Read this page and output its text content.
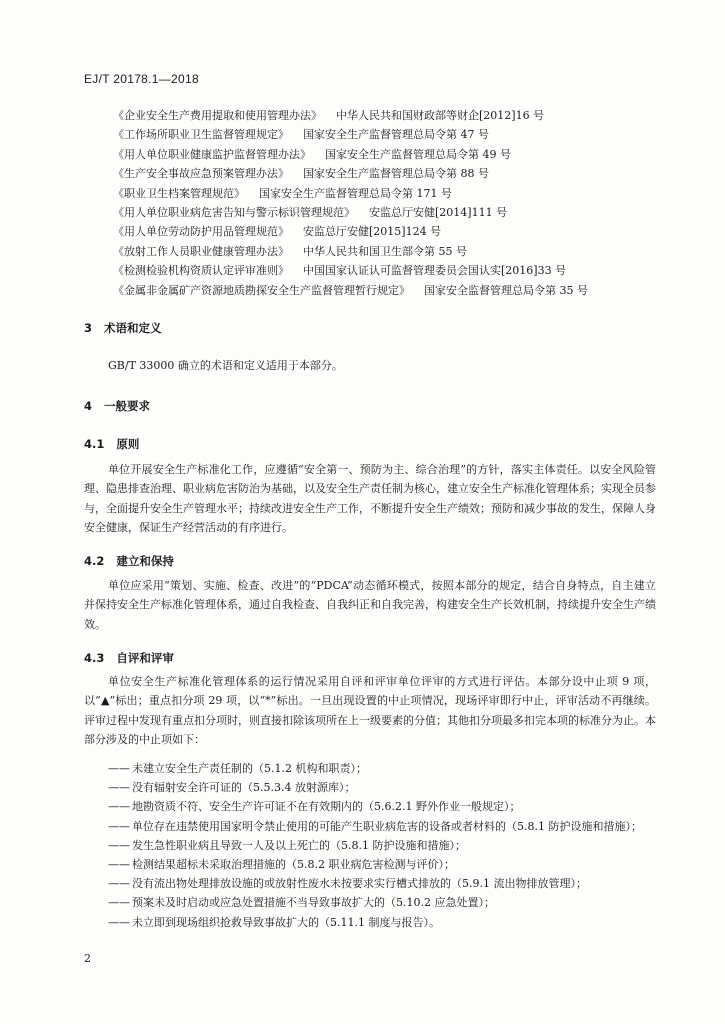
EJ/T 20178.1—2018
《企业安全生产费用提取和使用管理办法》 中华人民共和国财政部等财企[2012]16 号
《工作场所职业卫生监督管理规定》 国家安全生产监督管理总局令第 47 号
《用人单位职业健康监护监督管理办法》 国家安全生产监督管理总局令第 49 号
《生产安全事故应急预案管理办法》 国家安全生产监督管理总局令第 88 号
《职业卫生档案管理规范》 国家安全生产监督管理总局令第 171 号
《用人单位职业病危害告知与警示标识管理规范》 安监总厅安健[2014]111 号
《用人单位劳动防护用品管理规范》 安监总厅安健[2015]124 号
《放射工作人员职业健康管理办法》 中华人民共和国卫生部令第 55 号
《检测检验机构资质认定评审准则》 中国国家认证认可监督管理委员会国认实[2016]33 号
《金属非金属矿产资源地质勘探安全生产监督管理暂行规定》 国家安全监督管理总局令第 35 号
3 术语和定义
GB/T 33000 确立的术语和定义适用于本部分。
4 一般要求
4.1 原则

单位开展安全生产标准化工作，应遵循“安全第一、预防为主、综合治理”的方针，落实主体责任。以安全风险管理、隐患排查治理、职业病危害防治为基础，以及安全生产责任制为核心，建立安全生产标准化管理体系；实现全员参与，全面提升安全生产管理水平；持续改进安全生产工作，不断提升安全生产绩效；预防和减少事故的发生，保障人身安全健康，保证生产经营活动的有序进行。

4.2 建立和保持

单位应采用“策划、实施、检查、改进”的“PDCA”动态循环模式，按照本部分的规定，结合自身特点，自主建立并保持安全生产标准化管理体系，通过自我检查、自我纠正和自我完善，构建安全生产长效机制，持续提升安全生产绩效。

4.3 自评和评审

单位安全生产标准化管理体系的运行情况采用自评和评审单位评审的方式进行评估。本部分设中止项 9 项，以“▲”标出；重点扣分项 29 项，以“*”标出。一旦出现设置的中止项情况，现场评审即行中止，评审活动不再继续。评审过程中发现有重点扣分项时，则直接扣除该项所在上一级要素的分值；其他扣分项最多扣完本项的标准分为止。本部分涉及的中止项如下：

—— 未建立安全生产责任制的（5.1.2 机构和职责）；
—— 没有辐射安全许可证的（5.5.3.4 放射源库）；
—— 地勘资质不符、安全生产许可证不在有效期内的（5.6.2.1 野外作业一般规定）；
—— 单位存在违禁使用国家明令禁止使用的可能产生职业病危害的设备或者材料的（5.8.1 防护设施和措施）；
—— 发生急性职业病且导致一人及以上死亡的（5.8.1 防护设施和措施）；
—— 检测结果超标未采取治理措施的（5.8.2 职业病危害检测与评价）；
—— 没有流出物处理排放设施的或放射性废水未按要求实行槽式排放的（5.9.1 流出物排放管理）；
—— 预案未及时启动或应急处置措施不当导致事故扩大的（5.10.2 应急处置）；
—— 未立即到现场组织抢救导致事故扩大的（5.11.1 制度与报告）。
2
